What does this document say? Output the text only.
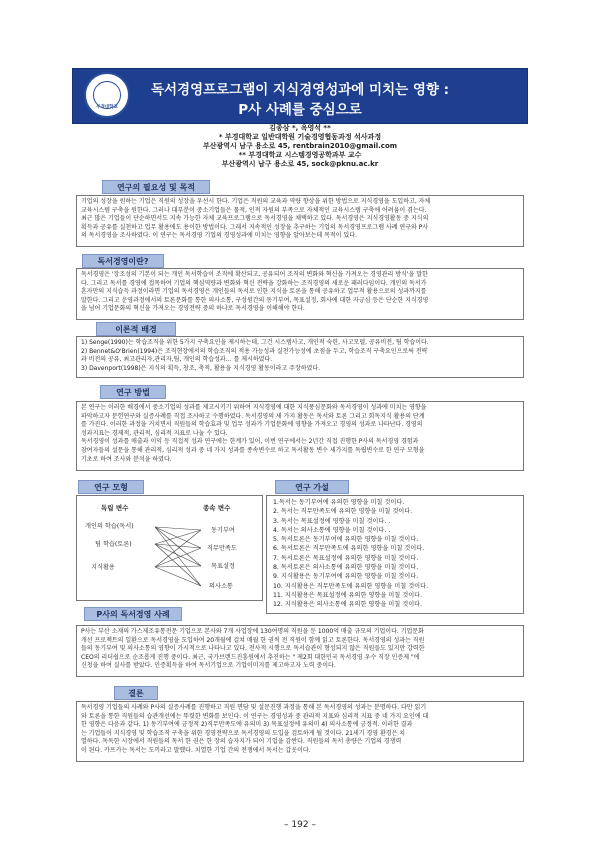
독서경영프로그램이 지식경영성과에 미치는 영향 :
P사 사례를 중심으로
부경대학교
김종삼 *, 옥영석 **
* 부경대학교 일반대학원 기술경영협동과정 석사과정
부산광역시 남구 용소로 45, rentbrain2010@gmail.com
** 부경대학교 시스템경영공학과부 교수
부산광역시 남구 용소로 45, sock@pknu.ac.kr
연구의 필요성 및 목적

기업의 성장을 원하는 기업은 직원의 성장을 우선시 한다. 기업은 직원의 교육과 역량 향상을 위한 방법으로 지식경영을 도입하고, 자체

교육시스템 구축을 원한다. 그러나 대부분이 중소기업들은 물적, 인적 자원의 부족으로 자체적인 교육시스템 구축에 어려움이 겪는다.

최근 많은 기업들이 단순하면서도 지속 가능한 자체 교육프로그램으로 독서경영을 채택하고 있다. 독서경영은 지식경영활동 중 지식의

획득과 공유를 실천하고 업무 활용에도 용이한 방법이다. 그래서 지속적인 성장을 추구하는 기업의 독서경영프로그램 사례 연구와 P사

의 독서경영을 조사하였다. 이 연구는 독서경영 기업의 경영성과에 미치는 영향을 알아보는데 목적이 있다.

독서경영이란?

독서경영은 '장조성의 기본이 되는 개인 독서학습이 조직에 확산되고, 공유되어 조직의 변화와 혁신을 가져오는 경영관리 방식'을 말한

다. 그리고 독서를 경영에 접목하여 기업의 핵심역량과 변화와 혁신 전략을 강화하는 조직경영의 새로운 패러다임이다. 개인의 독서가

혼자만의 지식습득 과정이라면 기업의 독서경영은 개인들의 독서로 인한 지식을 토론을 통해 공유하고 업무적 활용으로의 성과까지를

말한다. 그리고 운영과정에서의 토론문화를 통한 의사소통, 구성원간의 동기부여, 목표설정, 회사에 대한 자긍심 등은 단순한 지식경영

을 넘어 기업문화의 혁신을 가져오는 경영전략 중의 하나로 독서경영을 이해해야 한다.

이론적 배경

1) Senge(1990)는 학습조직을 위한 5가지 구축요인을 제시하는데, 그건 시스템사고, 개인적 숙련, 사고모델, 공유비전, 팀 학습이다.

2) Bennet&O'Brien(1994)은 조직현장에서의 학습조직의 적용 가능성과 실천가능성에 초점을 두고, 학습조직 구축요인으로써 전략

과 비전의 공유, 최고관리자,관리자,팀, 개인의 학습성과… 를 제시하였다.

3) Davenport(1998)은 지식의 획득, 창조, 축적, 활용을 지식경영 활동이라고 주장하였다.

연구 방법

본 연구는 이러한 배경에서 중소기업의 성과를 제고시키기 위하여 지식경영에 대한 지식풍심문화와 독서경영이 성과에 미치는 영향을

파악하고자 문헌연구와 실증사례를 직접 조사하고 수행하였다. 독서경영의 세 가지 활동은 독서와 토론 그리고 회독지식 활용의 단계

를 가진다. 이러한 과정을 거치면서 직원들의 학습효과 및 업무 성과가 기업문화에 영향을 가져오고 경영의 성과로 나타난다. 경영의

성과지표는 경제적, 관리적, 심리적 지표로 나눌 수 있다.

독서경영이 성과를 매출과 이익 등 직접적 성과 연구에는 한계가 있어, 이번 연구에서는 2년간 직접 진행한 P사의 독서경영 경험과

참여자들의 설문을 통해 관리적, 심리적 성과 중 네 가지 성과를 종속변수로 하고 독서활동 변수 세가지를 독립변수로 한 연구 모형을

기초로 하여 조사와 분석을 하였다.

연구 모형
독립 변수	종속 변수
개인의 학습(독서)
팀 학습(토론)
지식활용
동기부여
직무만족도
목표설정
의사소통
연구 가설
1.독서는 동기부여에 유의한 영향을 미칠 것이다.
2. 독서는 직무만족도에 유의한 영향을 미칠 것이다.
3. 독서는 목표설정에 영향을 미칠 것이다. .
4. 독서는 의사소통에 영향을 미칠 것이다. .
5. 독서토론은 동기부여에 유의한 영향을 미칠 것이다.
6. 독서토론은 직무만족도에 유의한 영향을 미칠 것이다.
7. 독서토론은 목표설정에 유의한 영향을 미칠 것이다.
8. 독서토론은 의사소통에 유의한 영향을 미칠 것이다.
9. 지식활용은 동기부여에 유의한 영향을 미칠 것이다.
10. 지식활용은 직무만족도에 유의한 영향을 미칠 것이다.
11. 지식활용은 목표설정에 유의한 영향을 미칠 것이다.
12. 지식활용은 의사소통에 유의한 영향을 미칠 것이다.
P사의 독서경영 사례

P사는 부산 소재의 가스제조유통전문 기업으로 본사와 7개 사업장에 130여명의 직원을 둔 1000억 매출 규모의 기업이다. 기업문화

개선 프로젝트의 일환으로 독서경영을 도입하여 20개월에 걸쳐 매월 한 권씩 전 직원이 함께 읽고 토론한다. 독서경영의 성과는 직원

들의 동기부여 및 의사소통의 영향이 가시적으로 나타나고 있다. 전사적 시행으로 독서습관이 형성되지 않은 직원들도 있지만 강력한

CEO의 리더쉽으로 순조롭게 진행 중이다. 최근, 국가브랜드진흥원에서 추진하는 " 제2회 대한민국 독서경영 우수 직장 인증제 "에

신청을 하여 실사를 받았다. 인증획득을 하여 독서기업으로 기업이미지를 제고하고자 노력 중이다.

결론

독서경영 기업들의 사례와 P사의 실증사례를 진행하고 직원 면담 및 설문진행 과정을 통해 본 독서경영의 성과는 분명하다. 다만 읽기

와 토론을 통한 직원들의 습관개선에는 뚜렷한 변화를 보인다. 이 연구는 경영성과 중 관리적 지표와 심리적 지표 중 네 가지 요인에 대

한 영향은 다음과 같다. 1) 동기부여에 긍정적 2)직무만족도에 유의미 3) 목표설정에 유의미 4) 의사소통에 긍정적. 이러한 결과

는 기업들이 지식경영 및 학습조직 구축을 위한 경영전략으로 독서경영의 도입을 검토하게 될 것이다. 21세기 경영 환경은 치

열하다. 독독한 시장에서 직원들의 독서 한 권은 한 장의 습자지가 되어 기업을 감싼다. 직원들의 독서 총량은 기업의 경쟁력

이 된다. 카프카는 독서는 도끼라고 말했다. 치열한 기업 간의 전쟁에서 독서는 갑옷이다.

– 192 –
